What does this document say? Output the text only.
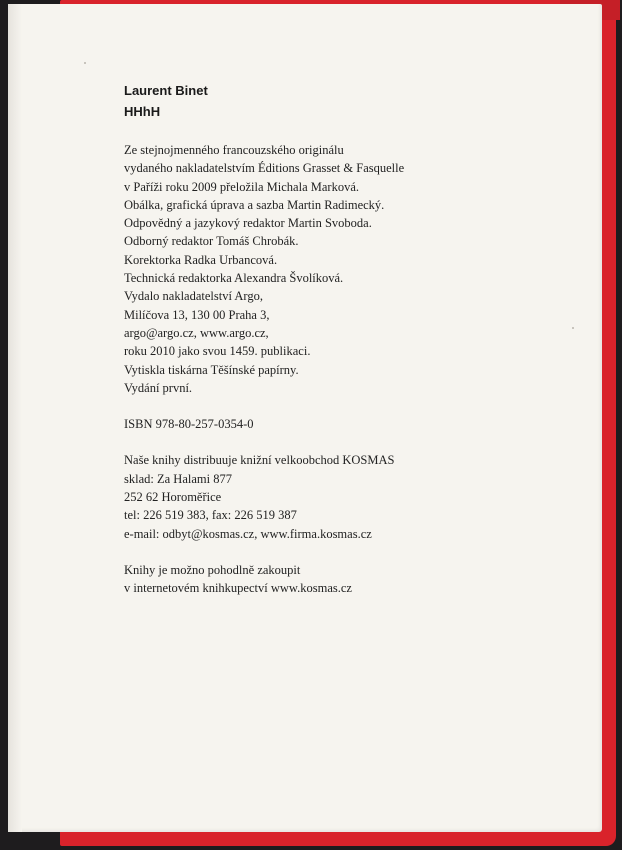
Laurent Binet

HHhH

Ze stejnojmenného francouzského originálu
vydaného nakladatelstvím Éditions Grasset & Fasquelle
v Paříži roku 2009 přeložila Michala Marková.
Obálka, grafická úprava a sazba Martin Radimecký.
Odpovědný a jazykový redaktor Martin Svoboda.
Odborný redaktor Tomáš Chrobák.
Korektorka Radka Urbancová.
Technická redaktorka Alexandra Švolíková.
Vydalo nakladatelství Argo,
Milíčova 13, 130 00 Praha 3,
argo@argo.cz, www.argo.cz,
roku 2010 jako svou 1459. publikaci.
Vytiskla tiskárna Těšínské papírny.
Vydání první.

ISBN 978-80-257-0354-0

Naše knihy distribuuje knižní velkoobchod KOSMAS
sklad: Za Halami 877
252 62 Horoměřice
tel: 226 519 383, fax: 226 519 387
e-mail: odbyt@kosmas.cz, www.firma.kosmas.cz

Knihy je možno pohodlně zakoupit
v internetovém knihkupectví www.kosmas.cz
